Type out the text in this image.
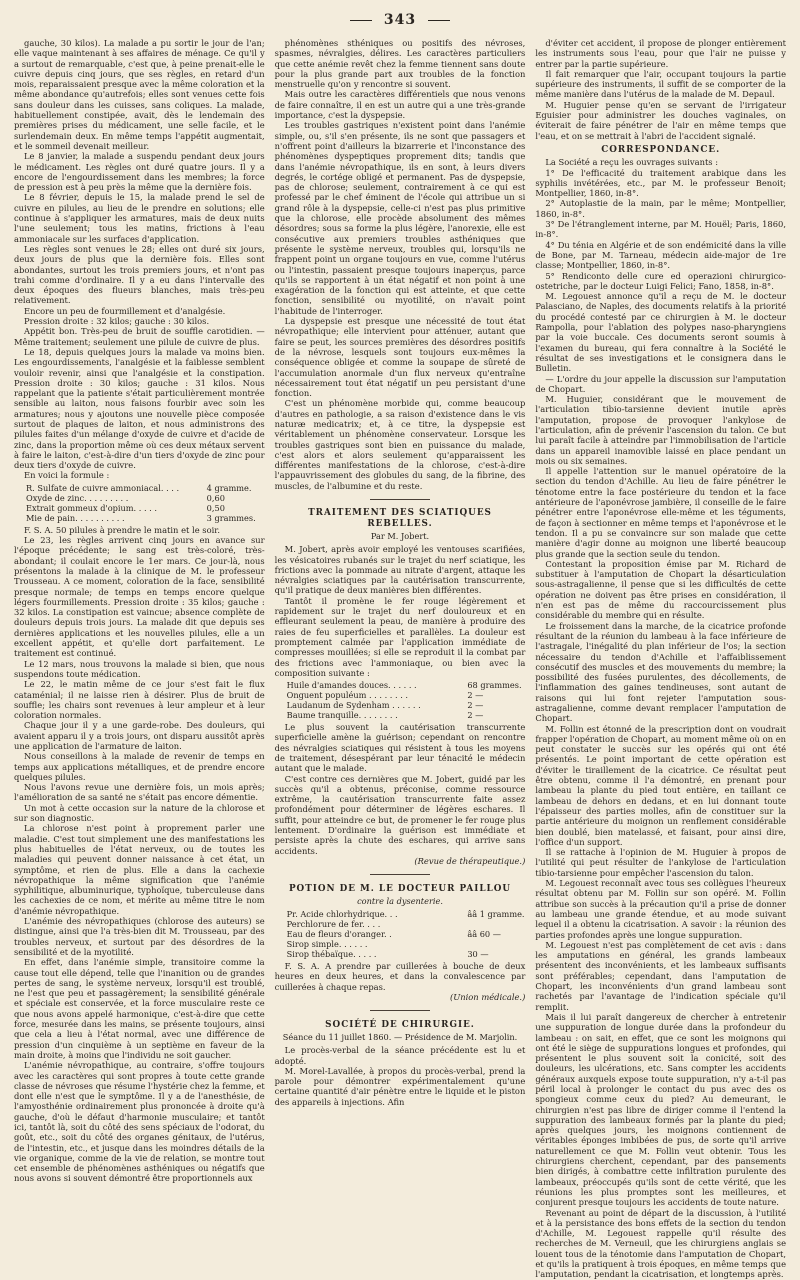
343

gauche, 30 kilos). La malade a pu sortir le jour de l'an; elle vaque maintenant à ses affaires de ménage. Ce qu'il y a surtout de remarquable, c'est que, à peine prenait-elle le cuivre depuis cinq jours, que ses règles, en retard d'un mois, reparaissaient presque avec la même coloration et la même abondance qu'autrefois; elles sont venues cette fois sans douleur dans les cuisses, sans coliques. La malade, habituellement constipée, avait, dès le lendemain des premières prises du médicament, une selle facile, et le surlendemain deux. En même temps l'appétit augmentait, et le sommeil devenait meilleur.

Le 8 janvier, la malade a suspendu pendant deux jours le médicament. Les règles ont duré quatre jours. Il y a encore de l'engourdissement dans les membres; la force de pression est à peu près la même que la dernière fois.

Le 8 février, depuis le 15, la malade prend le sel de cuivre en pilules, au lieu de le prendre en solutions; elle continue à s'appliquer les armatures, mais de deux nuits l'une seulement; tous les matins, frictions à l'eau ammoniacale sur les surfaces d'application.

Les règles sont venues le 28; elles ont duré six jours, deux jours de plus que la dernière fois. Elles sont abondantes, surtout les trois premiers jours, et n'ont pas trahi comme d'ordinaire. Il y a eu dans l'intervalle des deux époques des flueurs blanches, mais très-peu relativement.

Encore un peu de fourmillement et d'analgésie.

Pression droite : 32 kilos; gauche : 30 kilos.

Appétit bon. Très-peu de bruit de souffle carotidien. — Même traitement; seulement une pilule de cuivre de plus.

Le 18, depuis quelques jours la malade va moins bien. Les engourdissements, l'analgésie et la faiblesse semblent vouloir revenir, ainsi que l'analgésie et la constipation. Pression droite : 30 kilos; gauche : 31 kilos. Nous rappelant que la patiente s'était particulièrement montrée sensible au laiton, nous faisons fourbir avec soin les armatures; nous y ajoutons une nouvelle pièce composée surtout de plaques de laiton, et nous administrons des pilules faites d'un mélange d'oxyde de cuivre et d'acide de zinc, dans la proportion même où ces deux métaux servent à faire le laiton, c'est-à-dire d'un tiers d'oxyde de zinc pour deux tiers d'oxyde de cuivre.

En voici la formule :

R. Sulfate de cuivre ammoniacal. . . .	4 gramme.
Oxyde de zinc. . . . . . . . .	0,60
Extrait gommeux d'opium. . . . .	0,50
Mie de pain. . . . . . . . . .	3 grammes.

F. S. A. 50 pilules à prendre le matin et le soir.

Le 23, les règles arrivent cinq jours en avance sur l'époque précédente; le sang est très-coloré, très-abondant; il coulait encore le 1er mars. Ce jour-là, nous présentons la malade à la clinique de M. le professeur Trousseau. A ce moment, coloration de la face, sensibilité presque normale; de temps en temps encore quelque légers fourmillements. Pression droite : 35 kilos; gauche : 32 kilos. La constipation est vaincue; absence complète de douleurs depuis trois jours. La malade dit que depuis ses dernières applications et les nouvelles pilules, elle a un excellent appétit, et qu'elle dort parfaitement. Le traitement est continué.

Le 12 mars, nous trouvons la malade si bien, que nous suspendons toute médication.

Le 22, le matin même de ce jour s'est fait le flux cataménial; il ne laisse rien à désirer. Plus de bruit de souffle; les chairs sont revenues à leur ampleur et à leur coloration normales.

Chaque jour il y a une garde-robe. Des douleurs, qui avaient apparu il y a trois jours, ont disparu aussitôt après une application de l'armature de laiton.

Nous conseillons à la malade de revenir de temps en temps aux applications métalliques, et de prendre encore quelques pilules.

Nous l'avons revue une dernière fois, un mois après; l'amélioration de sa santé ne s'était pas encore démentie.

Un mot à cette occasion sur la nature de la chlorose et sur son diagnostic.

La chlorose n'est point à proprement parler une maladie. C'est tout simplement une des manifestations les plus habituelles de l'état nerveux, ou de toutes les maladies qui peuvent donner naissance à cet état, un symptôme, et rien de plus. Elle a dans la cachexie névropathique la même signification que l'anémie syphilitique, albuminurique, typhoïque, tuberculeuse dans les cachexies de ce nom, et mérite au même titre le nom d'anémie névropathique.

L'anémie des névropathiques (chlorose des auteurs) se distingue, ainsi que l'a très-bien dit M. Trousseau, par des troubles nerveux, et surtout par des désordres de la sensibilité et de la myotilité.

En effet, dans l'anémie simple, transitoire comme la cause tout elle dépend, telle que l'inanition ou de grandes pertes de sang, le système nerveux, lorsqu'il est troublé, ne l'est que peu et passagèrement; la sensibilité générale et spéciale est conservée, et la force musculaire reste ce que nous avons appelé harmonique, c'est-à-dire que cette force, mesurée dans les mains, se présente toujours, ainsi que cela a lieu à l'état normal, avec une différence de pression d'un cinquième à un septième en faveur de la main droite, à moins que l'individu ne soit gaucher.

L'anémie névropathique, au contraire, s'offre toujours avec les caractères qui sont propres à toute cette grande classe de névroses que résume l'hystérie chez la femme, et dont elle n'est que le symptôme. Il y a de l'anesthésie, de l'amyosthénie ordinairement plus prononcée à droite qu'à gauche, d'où le défaut d'harmonie musculaire; et tantôt ici, tantôt là, soit du côté des sens spéciaux de l'odorat, du goût, etc., soit du côté des organes génitaux, de l'utérus, de l'intestin, etc., et jusque dans les moindres détails de la vie organique, comme de la vie de relation, se montre tout cet ensemble de phénomènes asthéniques ou négatifs que nous avons si souvent démontré être proportionnels aux

phénomènes sthéniques ou positifs des névroses, spasmes, névralgies, délires. Les caractères particuliers que cette anémie revêt chez la femme tiennent sans doute pour la plus grande part aux troubles de la fonction menstruelle qu'on y rencontre si souvent.

Mais outre les caractères différentiels que nous venons de faire connaître, il en est un autre qui a une très-grande importance, c'est la dyspepsie.

Les troubles gastriques n'existent point dans l'anémie simple, ou, s'il s'en présente, ils ne sont que passagers et n'offrent point d'ailleurs la bizarrerie et l'inconstance des phénomènes dyspeptiques proprement dits; tandis que dans l'anémie névropathique, ils en sont, à leurs divers degrés, le cortége obligé et permanent. Pas de dyspepsie, pas de chlorose; seulement, contrairement à ce qui est professé par le chef éminent de l'école qui attribue un si grand rôle à la dyspepsie, celle-ci n'est pas plus primitive que la chlorose, elle procède absolument des mêmes désordres; sous sa forme la plus légère, l'anorexie, elle est consécutive aux premiers troubles asthéniques que présente le système nerveux, troubles qui, lorsqu'ils ne frappent point un organe toujours en vue, comme l'utérus ou l'intestin, passaient presque toujours inaperçus, parce qu'ils se rapportent à un état négatif et non point à une exagération de la fonction qui est atteinte, et que cette fonction, sensibilité ou myotilité, on n'avait point l'habitude de l'interroger.

La dyspepsie est presque une nécessité de tout état névropathique; elle intervient pour atténuer, autant que faire se peut, les sources premières des désordres positifs de la névrose, lesquels sont toujours eux-mêmes la conséquence obligée et comme la soupape de sûreté de l'accumulation anormale d'un flux nerveux qu'entraîne nécessairement tout état négatif un peu persistant d'une fonction.

C'est un phénomène morbide qui, comme beaucoup d'autres en pathologie, a sa raison d'existence dans le vis naturæ medicatrix; et, à ce titre, la dyspepsie est véritablement un phénomène conservateur. Lorsque les troubles gastriques sont bien en puissance du malade, c'est alors et alors seulement qu'apparaissent les différentes manifestations de la chlorose, c'est-à-dire l'appauvrissement des globules du sang, de la fibrine, des muscles, de l'albumine et du reste.

TRAITEMENT DES SCIATIQUES REBELLES.
Par M. Jobert.

M. Jobert, après avoir employé les ventouses scarifiées, les vésicatoires rubanés sur le trajet du nerf sciatique, les frictions avec la pommade au nitrate d'argent, attaque les névralgies sciatiques par la cautérisation transcurrente, qu'il pratique de deux manières bien différentes.

Tantôt il promène le fer rouge légèrement et rapidement sur le trajet du nerf douloureux et en effleurant seulement la peau, de manière à produire des raies de feu superficielles et parallèles. La douleur est promptement calmée par l'application immédiate de compresses mouillées; si elle se reproduit il la combat par des frictions avec l'ammoniaque, ou bien avec la composition suivante :

Huile d'amandes douces. . . . . .	68 grammes.
Onguent populéum . . . . . . . .	2 —
Laudanum de Sydenham . . . . . .	2 —
Baume tranquille. . . . . . . .	2 —

Le plus souvent la cautérisation transcurrente superficielle amène la guérison; cependant on rencontre des névralgies sciatiques qui résistent à tous les moyens de traitement, désespérant par leur ténacité le médecin autant que le malade.

C'est contre ces dernières que M. Jobert, guidé par les succès qu'il a obtenus, préconise, comme ressource extrême, la cautérisation transcurrente faite assez profondément pour déterminer de légères eschares. Il suffit, pour atteindre ce but, de promener le fer rouge plus lentement. D'ordinaire la guérison est immédiate et persiste après la chute des eschares, qui arrive sans accidents.

(Revue de thérapeutique.)
POTION DE M. LE DOCTEUR PAILLOU
contre la dysenterie.
Pr. Acide chlorhydrique. . .	ââ 1 gramme.
Perchlorure de fer. . . .
Eau de fleurs d'oranger. .	ââ 60 —
Sirop simple. . . . . .
Sirop thébaïque. . . . .	30 —

F. S. A. A prendre par cuillerées à bouche de deux heures en deux heures, et dans la convalescence par cuillerées à chaque repas.

(Union médicale.)
SOCIÉTÉ DE CHIRURGIE.
Séance du 11 juillet 1860. — Présidence de M. Marjolin.

Le procès-verbal de la séance précédente est lu et adopté.

M. Morel-Lavallée, à propos du procès-verbal, prend la parole pour démontrer expérimentalement qu'une certaine quantité d'air pénètre entre le liquide et le piston des appareils à injections. Afin

d'éviter cet accident, il propose de plonger entièrement les instruments sous l'eau, pour que l'air ne puisse y entrer par la partie supérieure.

Il fait remarquer que l'air, occupant toujours la partie supérieure des instruments, il suffit de se comporter de la même manière dans l'utérus de la malade de M. Depaul.

M. Huguier pense qu'en se servant de l'irrigateur Eguisier pour administrer les douches vaginales, on éviterait de faire pénétrer de l'air en même temps que l'eau, et on se mettrait à l'abri de l'accident signalé.

CORRESPONDANCE.

La Société a reçu les ouvrages suivants :

1° De l'efficacité du traitement arabique dans les syphilis invétérées, etc., par M. le professeur Benoit; Montpellier, 1860, in-8°.

2° Autoplastie de la main, par le même; Montpellier, 1860, in-8°.

3° De l'étranglement interne, par M. Houël; Paris, 1860, in-8°.

4° Du ténia en Algérie et de son endémicité dans la ville de Bone, par M. Tarneau, médecin aide-major de 1re classe; Montpellier, 1860, in-8°.

5° Rendiconto delle cure ed operazioni chirurgico-ostetriche, par le docteur Luigi Felici; Fano, 1858, in-8°.

M. Legouest annonce qu'il a reçu de M. le docteur Palasciano, de Naples, des documents relatifs à la priorité du procédé contesté par ce chirurgien à M. le docteur Rampolla, pour l'ablation des polypes naso-pharyngiens par la voie buccale. Ces documents seront soumis à l'examen du bureau, qui fera connaître à la Société le résultat de ses investigations et le consignera dans le Bulletin.

— L'ordre du jour appelle la discussion sur l'amputation de Chopart.

M. Huguier, considérant que le mouvement de l'articulation tibio-tarsienne devient inutile après l'amputation, propose de provoquer l'ankylose de l'articulation, afin de prévenir l'ascension du talon. Ce but lui paraît facile à atteindre par l'immobilisation de l'article dans un appareil inamovible laissé en place pendant un mois ou six semaines.

Il appelle l'attention sur le manuel opératoire de la section du tendon d'Achille. Au lieu de faire pénétrer le ténotome entre la face postérieure du tendon et la face antérieure de l'aponévrose jambière, il conseille de le faire pénétrer entre l'aponévrose elle-même et les téguments, de façon à sectionner en même temps et l'aponévrose et le tendon. Il a pu se convaincre sur son malade que cette manière d'agir donne au moignon une liberté beaucoup plus grande que la section seule du tendon.

Contestant la proposition émise par M. Richard de substituer à l'amputation de Chopart la désarticulation sous-astragalienne, il pense que si les difficultés de cette opération ne doivent pas être prises en considération, il n'en est pas de même du raccourcissement plus considérable du membre qui en résulte.

Le froissement dans la marche, de la cicatrice profonde résultant de la réunion du lambeau à la face inférieure de l'astragale, l'inégalité du plan inférieur de l'os; la section nécessaire du tendon d'Achille et l'affaiblissement consécutif des muscles et des mouvements du membre; la possibilité des fusées purulentes, des décollements, de l'inflammation des gaines tendineuses, sont autant de raisons qui lui font rejeter l'amputation sous-astragalienne, comme devant remplacer l'amputation de Chopart.

M. Follin est étonné de la prescription dont on voudrait frapper l'opération de Chopart, au moment même où on en peut constater le succès sur les opérés qui ont été présentés. Le point important de cette opération est d'éviter le tiraillement de la cicatrice. Ce résultat peut être obtenu, comme il l'a démontré, en prenant pour lambeau la plante du pied tout entière, en taillant ce lambeau de dehors en dedans, et en lui donnant toute l'épaisseur des parties molles, afin de constituer sur la partie antérieure du moignon un renflement considérable bien doublé, bien matelassé, et faisant, pour ainsi dire, l'office d'un support.

Il se rattache à l'opinion de M. Huguier à propos de l'utilité qui peut résulter de l'ankylose de l'articulation tibio-tarsienne pour empêcher l'ascension du talon.

M. Legouest reconnaît avec tous ses collègues l'heureux résultat obtenu par M. Follin sur son opéré. M. Follin attribue son succès à la précaution qu'il a prise de donner au lambeau une grande étendue, et au mode suivant lequel il a obtenu la cicatrisation. A savoir : la réunion des parties profondes après une longue suppuration.

M. Legouest n'est pas complètement de cet avis : dans les amputations en général, les grands lambeaux présentent des inconvénients, et les lambeaux suffisants sont préférables; cependant, dans l'amputation de Chopart, les inconvénients d'un grand lambeau sont rachetés par l'avantage de l'indication spéciale qu'il remplit.

Mais il lui paraît dangereux de chercher à entretenir une suppuration de longue durée dans la profondeur du lambeau : on sait, en effet, que ce sont les moignons qui ont été le siège de suppurations longues et profondes, qui présentent le plus souvent soit la conicité, soit des douleurs, les ulcérations, etc. Sans compter les accidents généraux auxquels expose toute suppuration, n'y a-t-il pas péril local à prolonger le contact du pus avec des os spongieux comme ceux du pied? Au demeurant, le chirurgien n'est pas libre de diriger comme il l'entend la suppuration des lambeaux formés par la plante du pied; après quelques jours, les moignons contiennent de véritables éponges imbibées de pus, de sorte qu'il arrive naturellement ce que M. Follin veut obtenir. Tous les chirurgiens cherchent, cependant, par des pansements bien dirigés, à combattre cette infiltration purulente des lambeaux, préoccupés qu'ils sont de cette vérité, que les réunions les plus promptes sont les meilleures, et conjurent presque toujours les accidents de toute nature.

Revenant au point de départ de la discussion, à l'utilité et à la persistance des bons effets de la section du tendon d'Achille, M. Legouest rappelle qu'il résulte des recherches de M. Verneuil, que les chirurgiens anglais se louent tous de la ténotomie dans l'amputation de Chopart, et qu'ils la pratiquent à trois époques, en même temps que l'amputation, pendant la cicatrisation, et longtemps après.
